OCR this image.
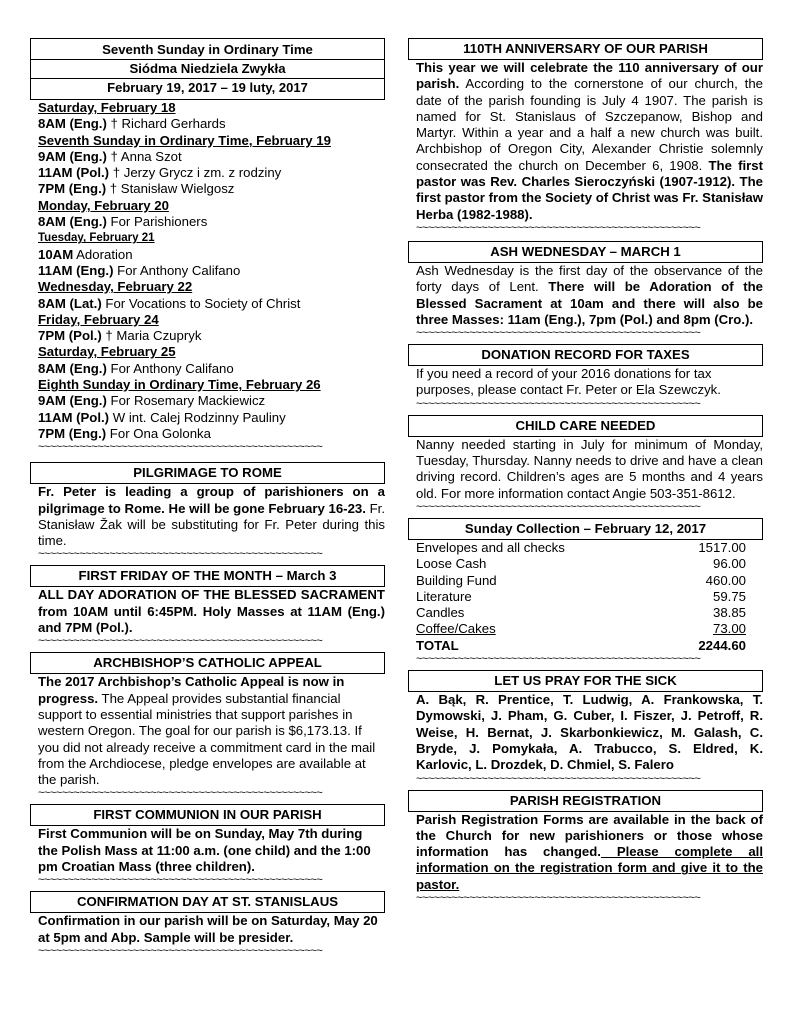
Seventh Sunday in Ordinary Time
Siódma Niedziela Zwykła
February 19, 2017 – 19 luty, 2017
Saturday, February 18
8AM (Eng.) † Richard Gerhards
Seventh Sunday in Ordinary Time, February 19
9AM (Eng.) † Anna Szot
11AM (Pol.) † Jerzy Grycz i zm. z rodziny
7PM (Eng.) † Stanisław Wielgosz
Monday, February 20
8AM (Eng.) For Parishioners
Tuesday, February 21
10AM Adoration
11AM (Eng.) For Anthony Califano
Wednesday, February 22
8AM (Lat.) For Vocations to Society of Christ
Friday, February 24
7PM (Pol.) † Maria Czupryk
Saturday, February 25
8AM (Eng.) For Anthony Califano
Eighth Sunday in Ordinary Time, February 26
9AM (Eng.) For Rosemary Mackiewicz
11AM (Pol.) W int. Calej Rodzinny Pauliny
7PM (Eng.) For Ona Golonka
~~~~~~~~~~~~~~~~~~~~~~~~~~~~~~~~~~~~~~~~~~~~~~~~
PILGRIMAGE TO ROME
Fr. Peter is leading a group of parishioners on a pilgrimage to Rome. He will be gone February 16-23. Fr. Stanisław Žak will be substituting for Fr. Peter during this time.
~~~~~~~~~~~~~~~~~~~~~~~~~~~~~~~~~~~~~~~~~~~~~~~~
FIRST FRIDAY OF THE MONTH – March 3
ALL DAY ADORATION OF THE BLESSED SACRAMENT from 10AM until 6:45PM. Holy Masses at 11AM (Eng.) and 7PM (Pol.).
~~~~~~~~~~~~~~~~~~~~~~~~~~~~~~~~~~~~~~~~~~~~~~~~
ARCHBISHOP’S CATHOLIC APPEAL
The 2017 Archbishop’s Catholic Appeal is now in progress. The Appeal provides substantial financial support to essential ministries that support parishes in western Oregon. The goal for our parish is $6,173.13. If you did not already receive a commitment card in the mail from the Archdiocese, pledge envelopes are available at the parish.
~~~~~~~~~~~~~~~~~~~~~~~~~~~~~~~~~~~~~~~~~~~~~~~~
FIRST COMMUNION IN OUR PARISH
First Communion will be on Sunday, May 7th during the Polish Mass at 11:00 a.m. (one child) and the 1:00 pm Croatian Mass (three children).
~~~~~~~~~~~~~~~~~~~~~~~~~~~~~~~~~~~~~~~~~~~~~~~~
CONFIRMATION DAY AT ST. STANISLAUS
Confirmation in our parish will be on Saturday, May 20 at 5pm and Abp. Sample will be presider.
~~~~~~~~~~~~~~~~~~~~~~~~~~~~~~~~~~~~~~~~~~~~~~~~
110TH ANNIVERSARY OF OUR PARISH
This year we will celebrate the 110 anniversary of our parish. According to the cornerstone of our church, the date of the parish founding is July 4 1907. The parish is named for St. Stanislaus of Szczepanow, Bishop and Martyr. Within a year and a half a new church was built. Archbishop of Oregon City, Alexander Christie solemnly consecrated the church on December 6, 1908. The first pastor was Rev. Charles Sieroczyński (1907-1912). The first pastor from the Society of Christ was Fr. Stanisław Herba (1982-1988).
~~~~~~~~~~~~~~~~~~~~~~~~~~~~~~~~~~~~~~~~~~~~~~~~
ASH WEDNESDAY – MARCH 1
Ash Wednesday is the first day of the observance of the forty days of Lent. There will be Adoration of the Blessed Sacrament at 10am and there will also be three Masses: 11am (Eng.), 7pm (Pol.) and 8pm (Cro.).
~~~~~~~~~~~~~~~~~~~~~~~~~~~~~~~~~~~~~~~~~~~~~~~~
DONATION RECORD FOR TAXES
If you need a record of your 2016 donations for tax purposes, please contact Fr. Peter or Ela Szewczyk.
~~~~~~~~~~~~~~~~~~~~~~~~~~~~~~~~~~~~~~~~~~~~~~~~
CHILD CARE NEEDED
Nanny needed starting in July for minimum of Monday, Tuesday, Thursday. Nanny needs to drive and have a clean driving record. Children’s ages are 5 months and 4 years old. For more information contact Angie 503-351-8612.
~~~~~~~~~~~~~~~~~~~~~~~~~~~~~~~~~~~~~~~~~~~~~~~~
Sunday Collection – February 12, 2017
Envelopes and all checks	1517.00
Loose Cash	96.00
Building Fund	460.00
Literature	59.75
Candles	38.85
Coffee/Cakes	73.00
TOTAL	2244.60
~~~~~~~~~~~~~~~~~~~~~~~~~~~~~~~~~~~~~~~~~~~~~~~~
LET US PRAY FOR THE SICK
A. Bąk, R. Prentice, T. Ludwig, A. Frankowska, T. Dymowski, J. Pham, G. Cuber, I. Fiszer, J. Petroff, R. Weise, H. Bernat, J. Skarbonkiewicz, M. Galash, C. Bryde, J. Pomykała, A. Trabucco, S. Eldred, K. Karlovic, L. Drozdek, D. Chmiel, S. Falero
~~~~~~~~~~~~~~~~~~~~~~~~~~~~~~~~~~~~~~~~~~~~~~~~
PARISH REGISTRATION
Parish Registration Forms are available in the back of the Church for new parishioners or those whose information has changed. Please complete all information on the registration form and give it to the pastor.
~~~~~~~~~~~~~~~~~~~~~~~~~~~~~~~~~~~~~~~~~~~~~~~~
